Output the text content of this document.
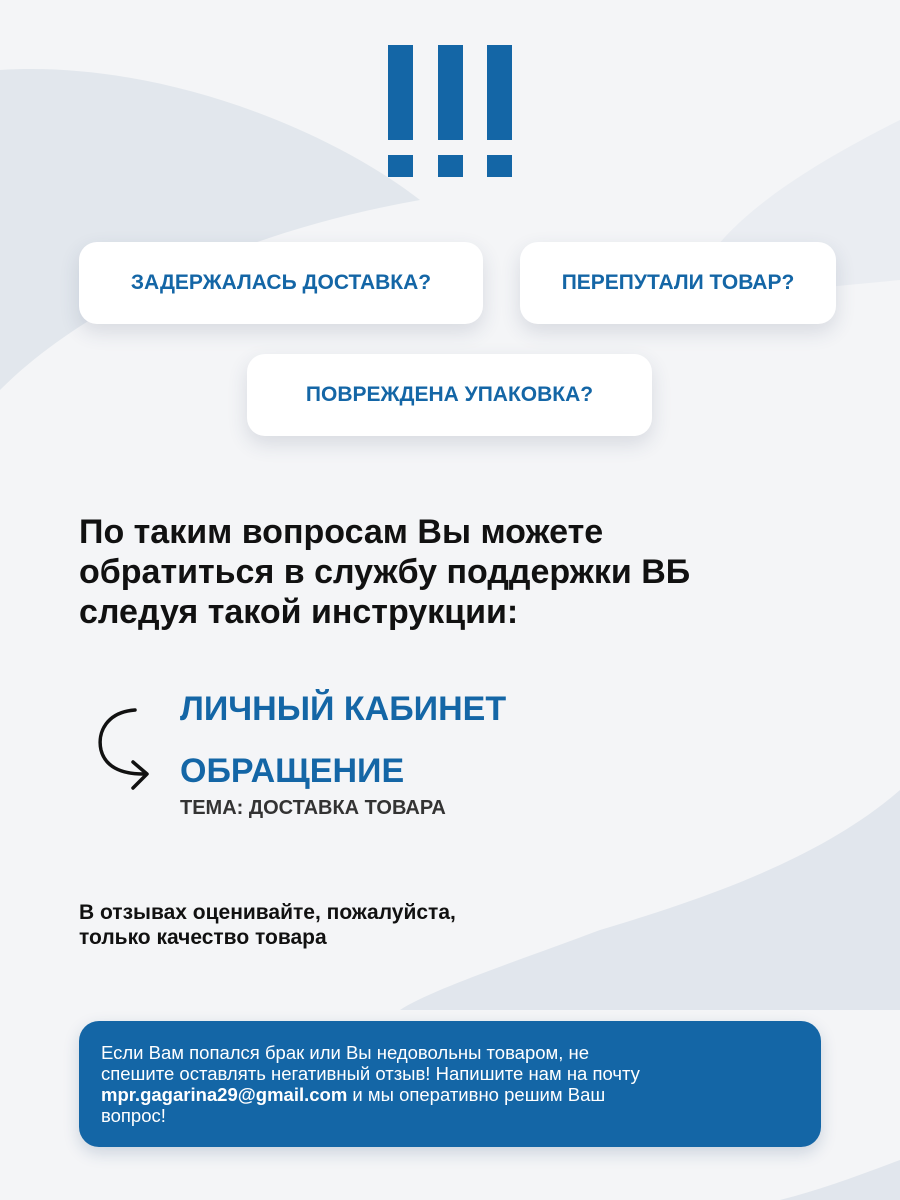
ЗАДЕРЖАЛАСЬ ДОСТАВКА?	ПЕРЕПУТАЛИ ТОВАР?
ПОВРЕЖДЕНА УПАКОВКА?
По таким вопросам Вы можете
обратиться в службу поддержки ВБ
следуя такой инструкции:
ЛИЧНЫЙ КАБИНЕТ
ОБРАЩЕНИЕ
ТЕМА: ДОСТАВКА ТОВАРА
В отзывах оценивайте, пожалуйста,
только качество товара
Если Вам попался брак или Вы недовольны товаром, не
спешите оставлять негативный отзыв! Напишите нам на почту
mpr.gagarina29@gmail.com и мы оперативно решим Ваш
вопрос!
